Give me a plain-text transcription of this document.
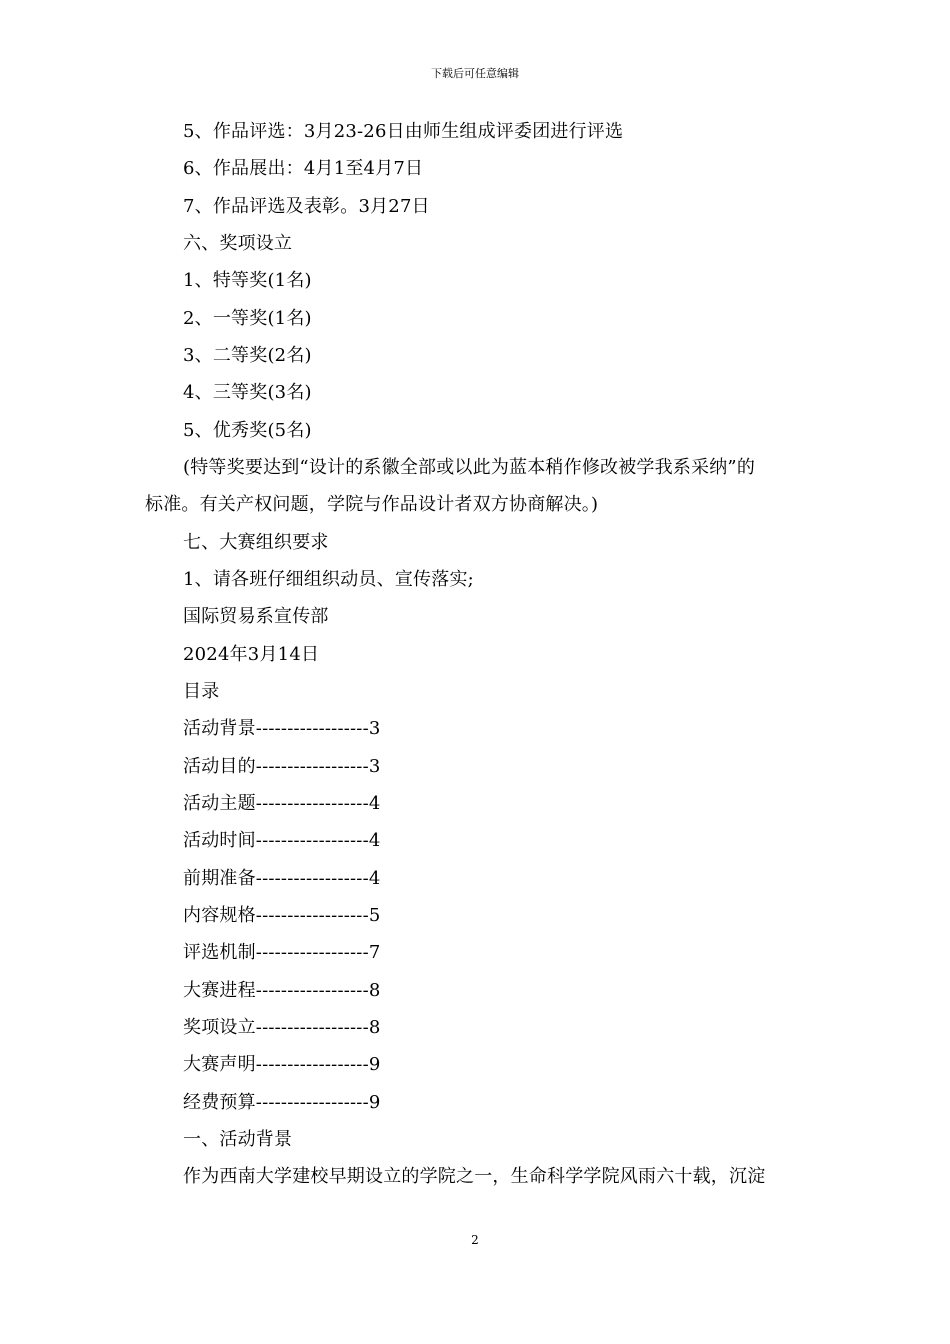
下载后可任意编辑
5、作品评选：3月23-26日由师生组成评委团进行评选
6、作品展出：4月1至4月7日
7、作品评选及表彰。3月27日
六、奖项设立
1、特等奖(1名)
2、一等奖(1名)
3、二等奖(2名)
4、三等奖(3名)
5、优秀奖(5名)
(特等奖要达到“设计的系徽全部或以此为蓝本稍作修改被学我系采纳”的
标准。有关产权问题，学院与作品设计者双方协商解决。)
七、大赛组织要求
1、请各班仔细组织动员、宣传落实;
国际贸易系宣传部
2024年3月14日
目录
活动背景------------------3
活动目的------------------3
活动主题------------------4
活动时间------------------4
前期准备------------------4
内容规格------------------5
评选机制------------------7
大赛进程------------------8
奖项设立------------------8
大赛声明------------------9
经费预算------------------9
一、活动背景
作为西南大学建校早期设立的学院之一，生命科学学院风雨六十载，沉淀
2
